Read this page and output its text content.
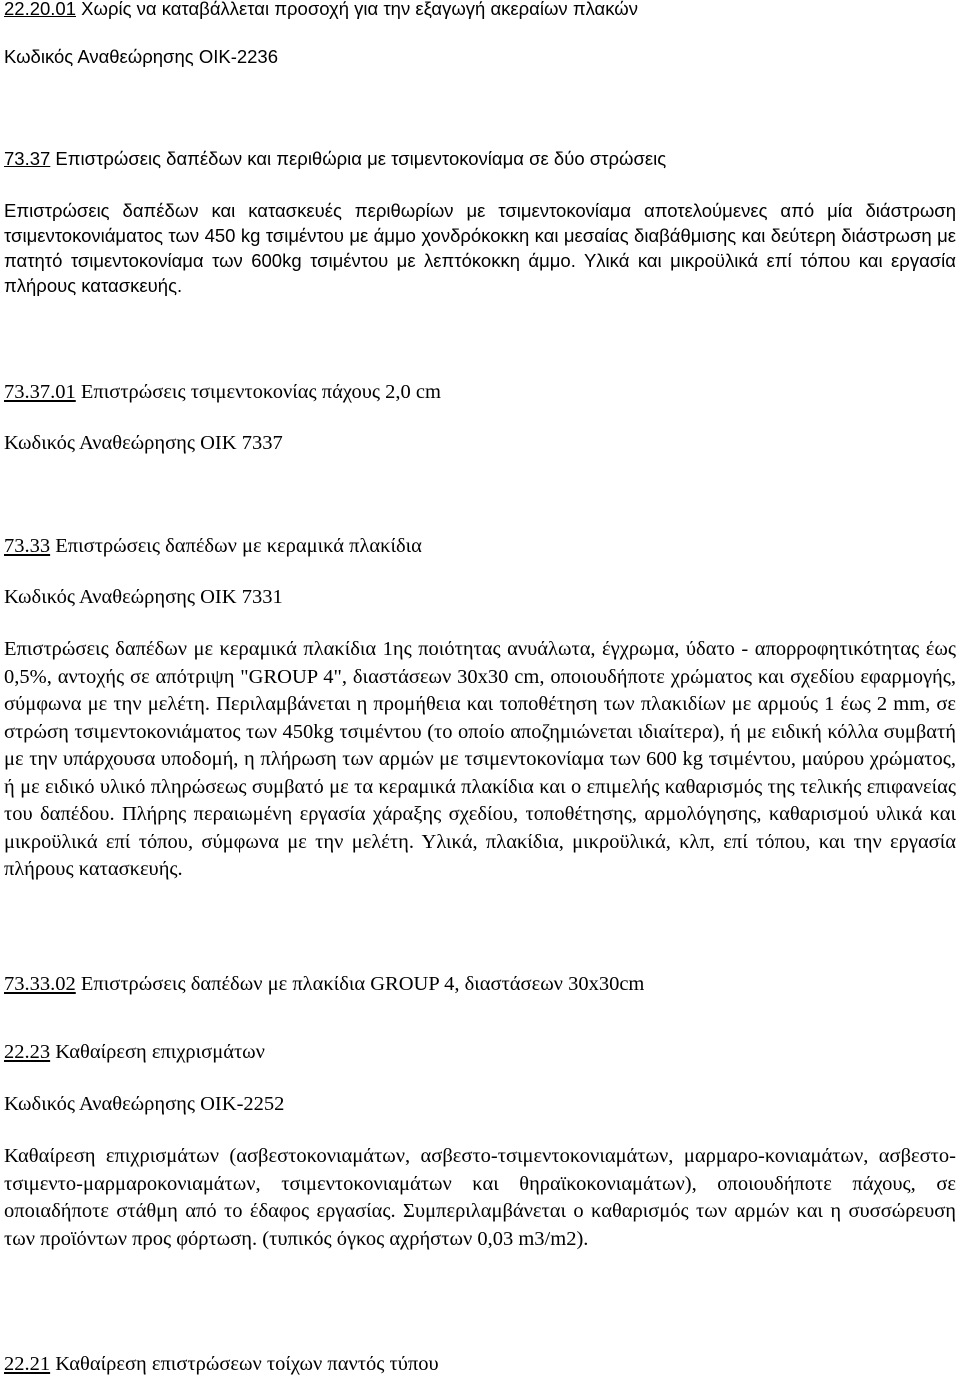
22.20.01 Χωρίς να καταβάλλεται προσοχή για την εξαγωγή ακεραίων πλακών
Κωδικός Αναθεώρησης ΟΙΚ-2236
73.37 Επιστρώσεις δαπέδων και περιθώρια με τσιμεντοκονίαμα σε δύο στρώσεις
Επιστρώσεις δαπέδων και κατασκευές περιθωρίων με τσιμεντοκονίαμα αποτελούμενες από μία διάστρωση τσιμεντοκονιάματος των 450 kg τσιμέντου με άμμο χονδρόκοκκη και μεσαίας διαβάθμισης και δεύτερη διάστρωση με πατητό τσιμεντοκονίαμα των 600kg τσιμέντου με λεπτόκοκκη άμμο. Υλικά και μικροϋλικά επί τόπου και εργασία πλήρους κατασκευής.
73.37.01 Επιστρώσεις τσιμεντοκονίας πάχους 2,0 cm
Κωδικός Αναθεώρησης ΟΙΚ 7337
73.33 Επιστρώσεις δαπέδων με κεραμικά πλακίδια
Κωδικός Αναθεώρησης ΟΙΚ 7331
Επιστρώσεις δαπέδων με κεραμικά πλακίδια 1ης ποιότητας ανυάλωτα, έγχρωμα, ύδατο - απορροφητικότητας έως 0,5%, αντοχής σε απότριψη "GROUP 4", διαστάσεων 30x30 cm, οποιουδήποτε χρώματος και σχεδίου εφαρμογής, σύμφωνα με την μελέτη. Περιλαμβάνεται η προμήθεια και τοποθέτηση των πλακιδίων με αρμούς 1 έως 2 mm, σε στρώση τσιμεντοκονιάματος των 450kg τσιμέντου (το οποίο αποζημιώνεται ιδιαίτερα), ή με ειδική κόλλα συμβατή με την υπάρχουσα υποδομή, η πλήρωση των αρμών με τσιμεντοκονίαμα των 600 kg τσιμέντου, μαύρου χρώματος, ή με ειδικό υλικό πληρώσεως συμβατό με τα κεραμικά πλακίδια και ο επιμελής καθαρισμός της τελικής επιφανείας του δαπέδου. Πλήρης περαιωμένη εργασία χάραξης σχεδίου, τοποθέτησης, αρμολόγησης, καθαρισμού υλικά και μικροϋλικά επί τόπου, σύμφωνα με την μελέτη. Υλικά, πλακίδια, μικροϋλικά, κλπ, επί τόπου, και την εργασία πλήρους κατασκευής.
73.33.02 Επιστρώσεις δαπέδων με πλακίδια GROUP 4, διαστάσεων 30x30cm
22.23 Καθαίρεση επιχρισμάτων
Κωδικός Αναθεώρησης ΟΙΚ-2252
Καθαίρεση επιχρισμάτων (ασβεστοκονιαμάτων, ασβεστο-τσιμεντοκονιαμάτων, μαρμαρο-κονιαμάτων, ασβεστο-τσιμεντο-μαρμαροκονιαμάτων, τσιμεντοκονιαμάτων και θηραϊκοκονιαμάτων), οποιουδήποτε πάχους, σε οποιαδήποτε στάθμη από το έδαφος εργασίας. Συμπεριλαμβάνεται ο καθαρισμός των αρμών και η συσσώρευση των προϊόντων προς φόρτωση. (τυπικός όγκος αχρήστων 0,03 m3/m2).
22.21 Καθαίρεση επιστρώσεων τοίχων παντός τύπου
